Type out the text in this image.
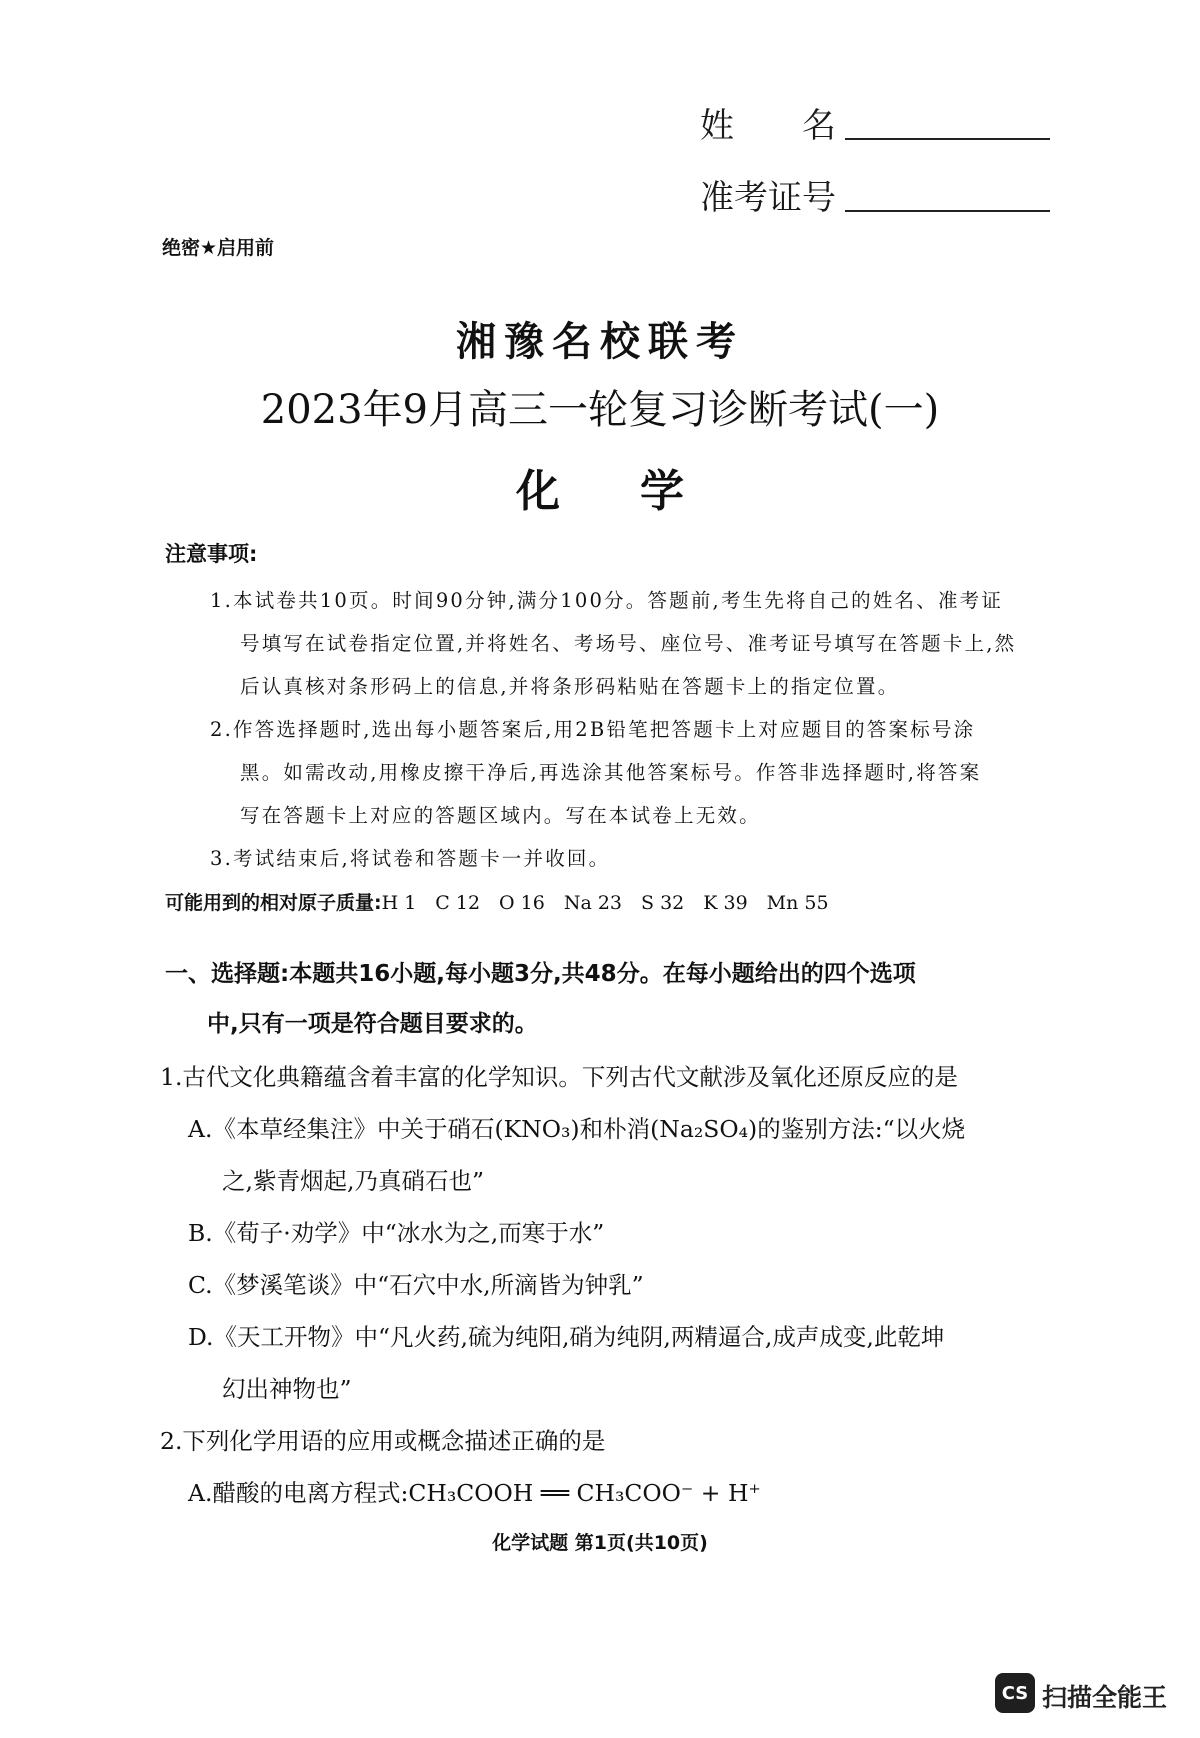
姓　　名
准考证号
绝密★启用前
湘豫名校联考
2023年9月高三一轮复习诊断考试(一)
化学
注意事项:
1.本试卷共10页。时间90分钟,满分100分。答题前,考生先将自己的姓名、准考证
号填写在试卷指定位置,并将姓名、考场号、座位号、准考证号填写在答题卡上,然
后认真核对条形码上的信息,并将条形码粘贴在答题卡上的指定位置。
2.作答选择题时,选出每小题答案后,用2B铅笔把答题卡上对应题目的答案标号涂
黑。如需改动,用橡皮擦干净后,再选涂其他答案标号。作答非选择题时,将答案
写在答题卡上对应的答题区域内。写在本试卷上无效。
3.考试结束后,将试卷和答题卡一并收回。
可能用到的相对原子质量:H 1　C 12　O 16　Na 23　S 32　K 39　Mn 55
一、选择题:本题共16小题,每小题3分,共48分。在每小题给出的四个选项
中,只有一项是符合题目要求的。
1.古代文化典籍蕴含着丰富的化学知识。下列古代文献涉及氧化还原反应的是
A.《本草经集注》中关于硝石(KNO₃)和朴消(Na₂SO₄)的鉴别方法:“以火烧
之,紫青烟起,乃真硝石也”
B.《荀子·劝学》中“冰水为之,而寒于水”
C.《梦溪笔谈》中“石穴中水,所滴皆为钟乳”
D.《天工开物》中“凡火药,硫为纯阳,硝为纯阴,两精逼合,成声成变,此乾坤
幻出神物也”
2.下列化学用语的应用或概念描述正确的是
A.醋酸的电离方程式:CH₃COOH ══ CH₃COO⁻ + H⁺
化学试题 第1页(共10页)
CS 扫描全能王
